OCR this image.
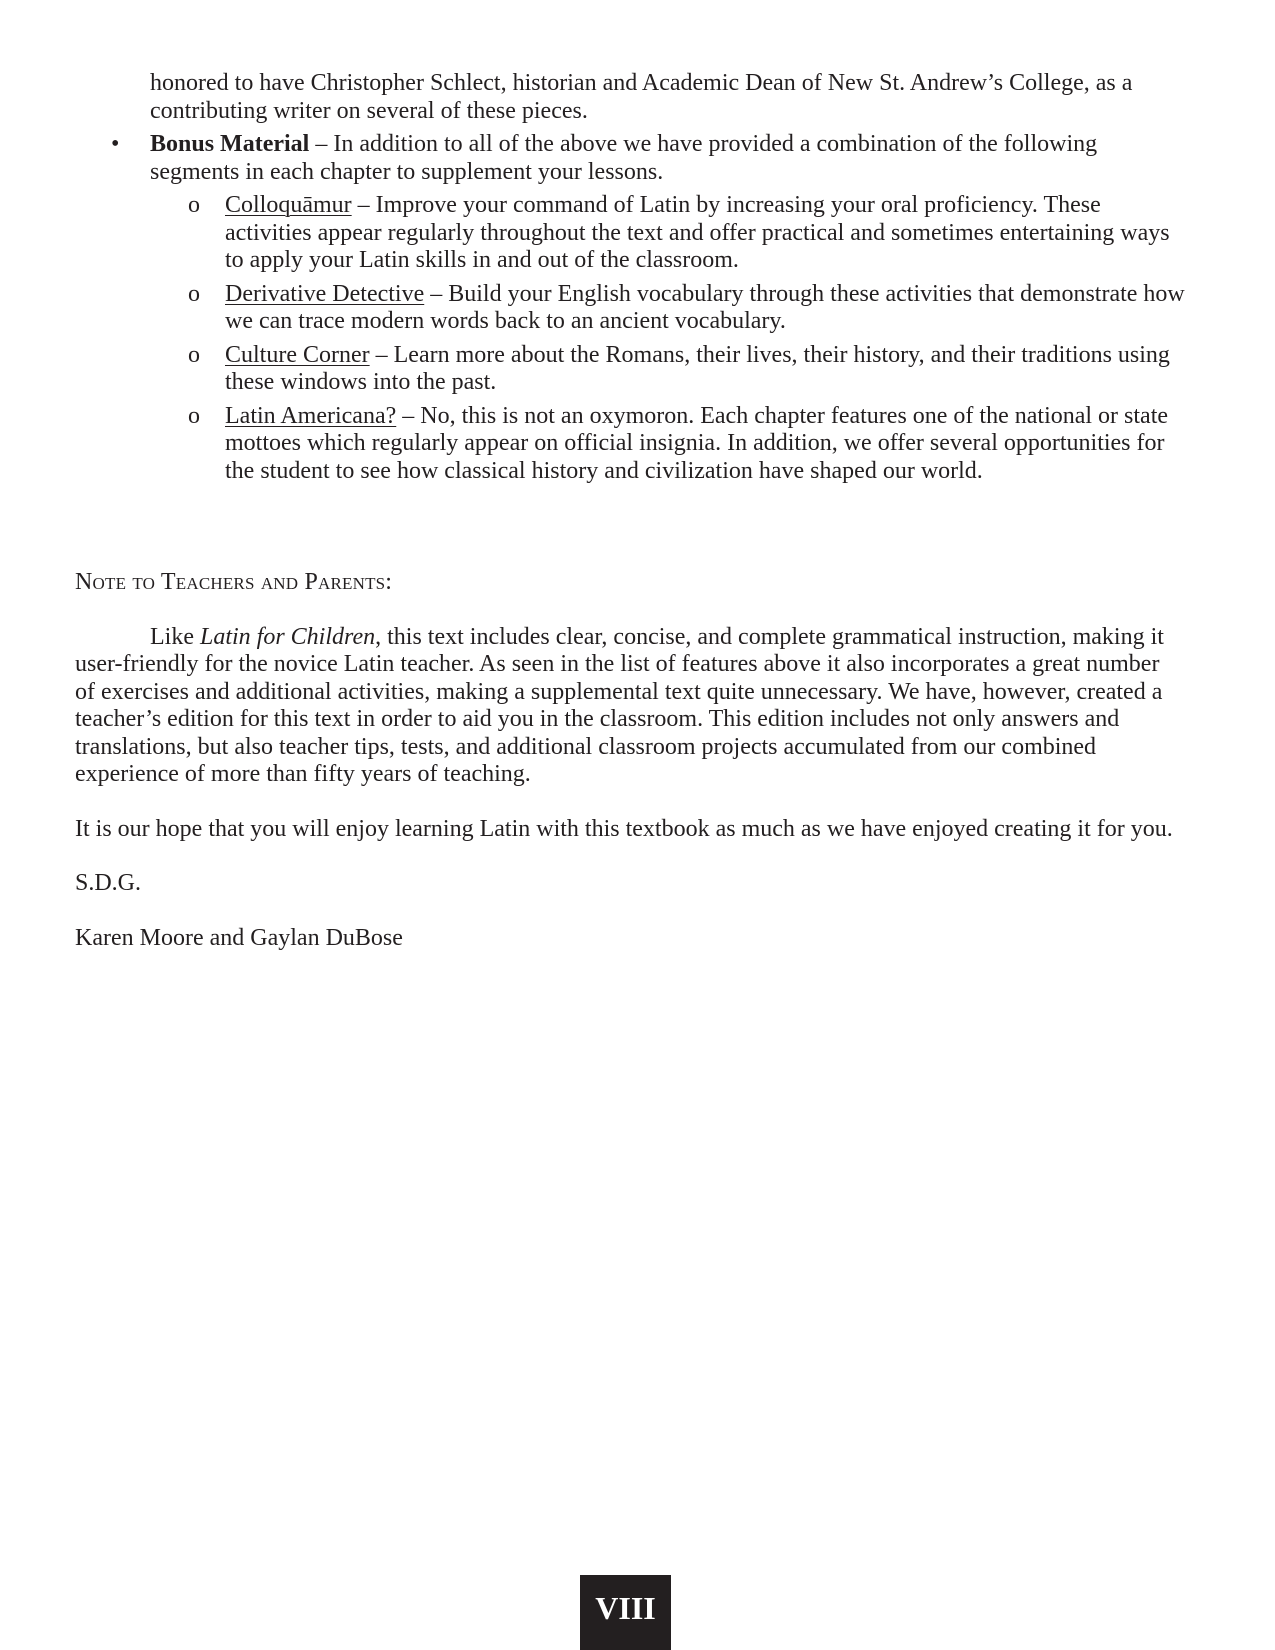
honored to have Christopher Schlect, historian and Academic Dean of New St. Andrew’s College, as a contributing writer on several of these pieces.

• Bonus Material – In addition to all of the above we have provided a combination of the following segments in each chapter to supplement your lessons.
o Colloquāmur – Improve your command of Latin by increasing your oral proficiency. These activities appear regularly throughout the text and offer practical and sometimes entertaining ways to apply your Latin skills in and out of the classroom.
o Derivative Detective – Build your English vocabulary through these activities that demonstrate how we can trace modern words back to an ancient vocabulary.
o Culture Corner – Learn more about the Romans, their lives, their history, and their traditions using these windows into the past.
o Latin Americana? – No, this is not an oxymoron. Each chapter features one of the national or state mottoes which regularly appear on official insignia. In addition, we offer several opportunities for the student to see how classical history and civilization have shaped our world.
Note to Teachers and Parents:

Like Latin for Children, this text includes clear, concise, and complete grammatical instruction, making it user-friendly for the novice Latin teacher. As seen in the list of features above it also incorporates a great number of exercises and additional activities, making a supplemental text quite unnecessary. We have, however, created a teacher’s edition for this text in order to aid you in the classroom. This edition includes not only answers and translations, but also teacher tips, tests, and additional classroom projects accumulated from our combined experience of more than fifty years of teaching.

It is our hope that you will enjoy learning Latin with this textbook as much as we have enjoyed creating it for you.

S.D.G.

Karen Moore and Gaylan DuBose

VIII
